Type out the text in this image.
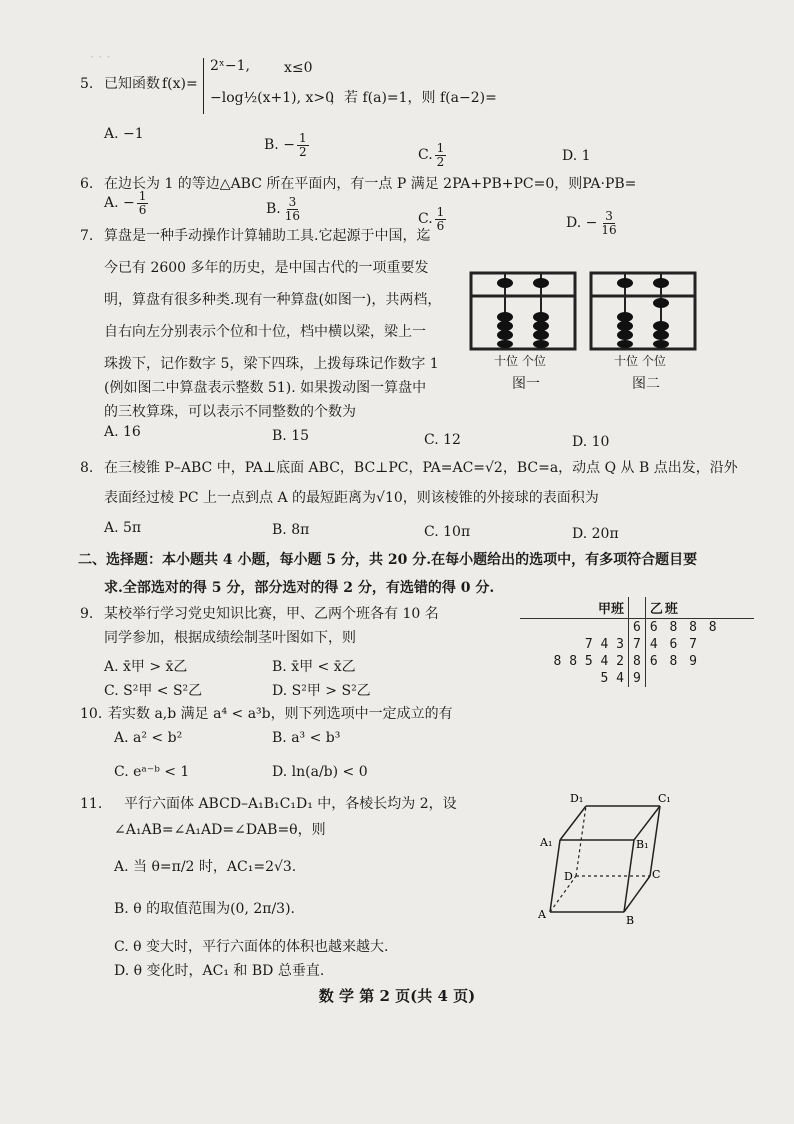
· · ·
5. 已知函数 f(x)=
2ˣ−1, x≤0
−log½(x+1), x>0
，若 f(a)=1，则 f(a−2)=
A. −1
B. − $\frac{1}{2}$	C. $\frac{1}{2}$	D. 1
6. 在边长为 1 的等边△ABC 所在平面内，有一点 P 满足 2PA+PB+PC=0，则PA·PB=
A. − $\frac{1}{6}$	B. $\frac{3}{16}$	C. $\frac{1}{6}$	D. − $\frac{3}{16}$
7. 算盘是一种手动操作计算辅助工具.它起源于中国，迄
今已有 2600 多年的历史，是中国古代的一项重要发
明，算盘有很多种类.现有一种算盘(如图一)，共两档，
自右向左分别表示个位和十位，档中横以梁，梁上一
珠拨下，记作数字 5，梁下四珠，上拨每珠记作数字 1
(例如图二中算盘表示整数 51). 如果拨动图一算盘中
的三枚算珠，可以表示不同整数的个数为
十位 个位
图一
十位 个位
图二
A. 16	B. 15	C. 12	D. 10
8. 在三棱锥 P–ABC 中，PA⊥底面 ABC，BC⊥PC，PA=AC=√2，BC=a，动点 Q 从 B 点出发，沿外
表面经过棱 PC 上一点到点 A 的最短距离为√10，则该棱锥的外接球的表面积为
A. 5π	B. 8π	C. 10π	D. 20π
二、选择题：本小题共 4 小题，每小题 5 分，共 20 分.在每小题给出的选项中，有多项符合题目要
求.全部选对的得 5 分，部分选对的得 2 分，有选错的得 0 分.
9. 某校举行学习党史知识比赛，甲、乙两个班各有 10 名
同学参加，根据成绩绘制茎叶图如下，则
A. x̄甲 > x̄乙	B. x̄甲 < x̄乙
C. S²甲 < S²乙	D. S²甲 > S²乙
甲班		乙班
	6	6 8 8 8
7 4 3	7	4 6 7
8 8 5 4 2	8	6 8 9
5 4	9	
10. 若实数 a,b 满足 a⁴ < a³b，则下列选项中一定成立的有
A. a² < b²	B. a³ < b³
C. eᵃ⁻ᵇ < 1	D. ln(a/b) < 0
11. 平行六面体 ABCD–A₁B₁C₁D₁ 中，各棱长均为 2，设
∠A₁AB=∠A₁AD=∠DAB=θ，则
A. 当 θ=π/2 时，AC₁=2√3.
B. θ 的取值范围为(0, 2π/3).
C. θ 变大时，平行六面体的体积也越来越大.
D. θ 变化时，AC₁ 和 BD 总垂直.
A	B
C
D
A₁	B₁
C₁
D₁
数 学 第 2 页(共 4 页)
